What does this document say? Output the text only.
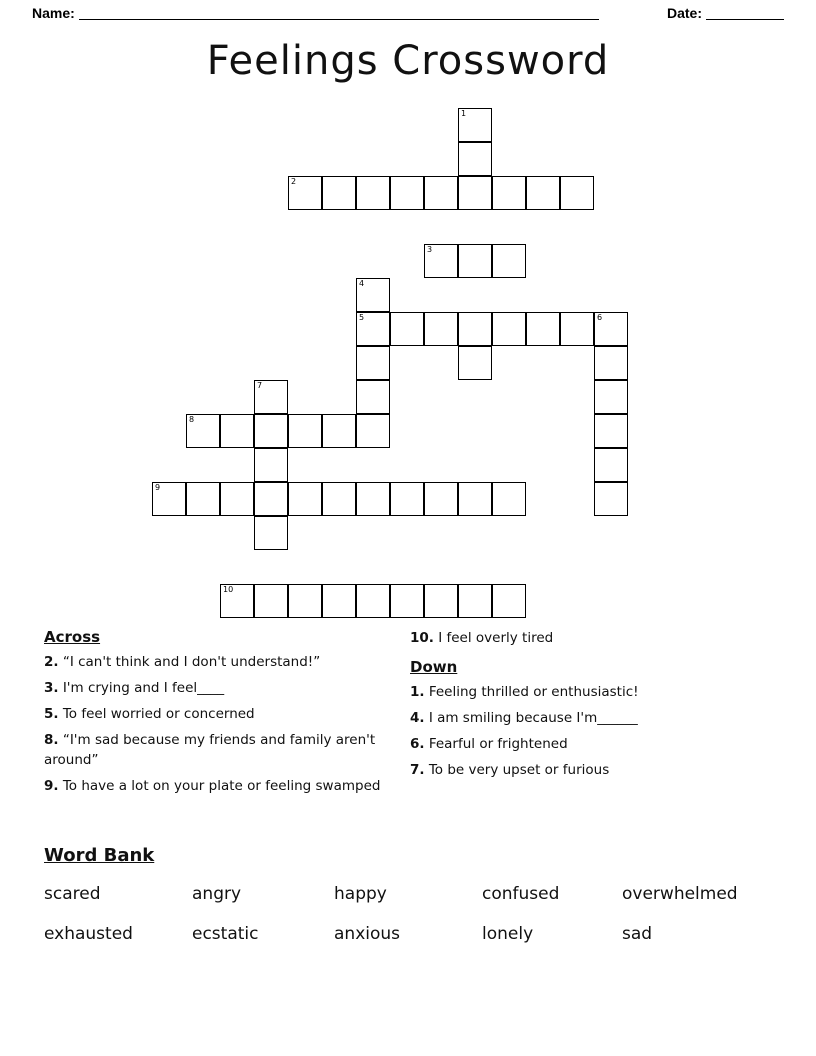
Name:	Date:
Feelings Crossword
1
2
3
4
5	6
7
8
9
10
Across

2. “I can't think and I don't understand!”

3. I'm crying and I feel____

5. To feel worried or concerned

8. “I'm sad because my friends and family aren't around”

9. To have a lot on your plate or feeling swamped

10. I feel overly tired

Down

1. Feeling thrilled or enthusiastic!

4. I am smiling because I'm______

6. Fearful or frightened

7. To be very upset or furious

Word Bank
scared	angry	happy	confused	overwhelmed
exhausted	ecstatic	anxious	lonely	sad
